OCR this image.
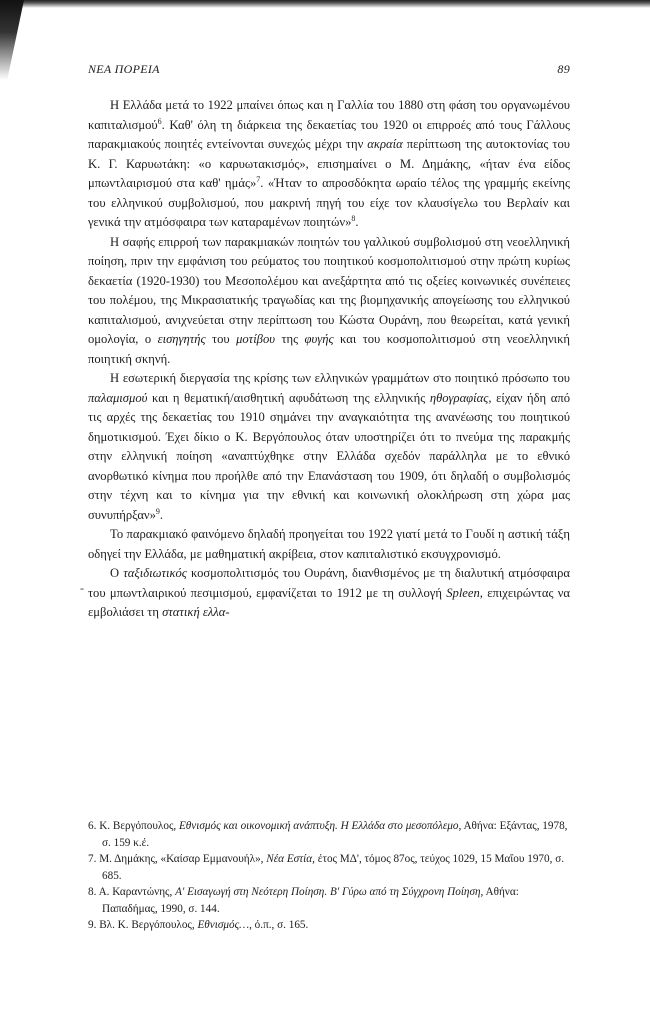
ΝΕΑ ΠΟΡΕΙΑ	89
-

Η Ελλάδα μετά το 1922 μπαίνει όπως και η Γαλλία του 1880 στη φάση του οργανωμένου καπιταλισμού$^6$. Καθ' όλη τη διάρκεια της δεκαετίας του 1920 οι επιρροές από τους Γάλλους παρακμιακούς ποιητές εντείνονται συνεχώς μέχρι την ακραία περίπτωση της αυτοκτονίας του Κ. Γ. Καρυωτάκη: «ο καρυωτακισμός», επισημαίνει ο Μ. Δημάκης, «ήταν ένα είδος μπωντλαιρισμού στα καθ' ημάς»$^7$. «Ήταν το απροσδόκητα ωραίο τέλος της γραμμής εκείνης του ελληνικού συμβολισμού, που μακρινή πηγή του είχε τον κλαυσίγελω του Βερλαίν και γενικά την ατμόσφαιρα των καταραμένων ποιητών»$^8$.

Η σαφής επιρροή των παρακμιακών ποιητών του γαλλικού συμβολισμού στη νεοελληνική ποίηση, πριν την εμφάνιση του ρεύματος του ποιητικού κοσμοπολιτισμού στην πρώτη κυρίως δεκαετία (1920-1930) του Μεσοπολέμου και ανεξάρτητα από τις οξείες κοινωνικές συνέπειες του πολέμου, της Μικρασιατικής τραγωδίας και της βιομηχανικής απογείωσης του ελληνικού καπιταλισμού, ανιχνεύεται στην περίπτωση του Κώστα Ουράνη, που θεωρείται, κατά γενική ομολογία, ο εισηγητής του μοτίβου της φυγής και του κοσμοπολιτισμού στη νεοελληνική ποιητική σκηνή.

Η εσωτερική διεργασία της κρίσης των ελληνικών γραμμάτων στο ποιητικό πρόσωπο του παλαμισμού και η θεματική/αισθητική αφυδάτωση της ελληνικής ηθογραφίας, είχαν ήδη από τις αρχές της δεκαετίας του 1910 σημάνει την αναγκαιότητα της ανανέωσης του ποιητικού δημοτικισμού. Έχει δίκιο ο Κ. Βεργόπουλος όταν υποστηρίζει ότι το πνεύμα της παρακμής στην ελληνική ποίηση «αναπτύχθηκε στην Ελλάδα σχεδόν παράλληλα με το εθνικό ανορθωτικό κίνημα που προήλθε από την Επανάσταση του 1909, ότι δηλαδή ο συμβολισμός στην τέχνη και το κίνημα για την εθνική και κοινωνική ολοκλήρωση στη χώρα μας συνυπήρξαν»$^9$.

Το παρακμιακό φαινόμενο δηλαδή προηγείται του 1922 γιατί μετά το Γουδί η αστική τάξη οδηγεί την Ελλάδα, με μαθηματική ακρίβεια, στον καπιταλιστικό εκσυγχρονισμό.

Ο ταξιδιωτικός κοσμοπολιτισμός του Ουράνη, διανθισμένος με τη διαλυτική ατμόσφαιρα του μπωντλαιρικού πεσιμισμού, εμφανίζεται το 1912 με τη συλλογή Spleen, επιχειρώντας να εμβολιάσει τη στατική ελλα-

6. Κ. Βεργόπουλος, Εθνισμός και οικονομική ανάπτυξη. Η Ελλάδα στο μεσοπόλεμο, Αθήνα: Εξάντας, 1978, σ. 159 κ.έ.

7. Μ. Δημάκης, «Καίσαρ Εμμανουήλ», Νέα Εστία, έτος ΜΔ', τόμος 87ος, τεύχος 1029, 15 Μαΐου 1970, σ. 685.

8. Α. Καραντώνης, Α' Εισαγωγή στη Νεότερη Ποίηση. Β' Γύρω από τη Σύγχρονη Ποίηση, Αθήνα: Παπαδήμας, 1990, σ. 144.

9. Βλ. Κ. Βεργόπουλος, Εθνισμός…, ό.π., σ. 165.
